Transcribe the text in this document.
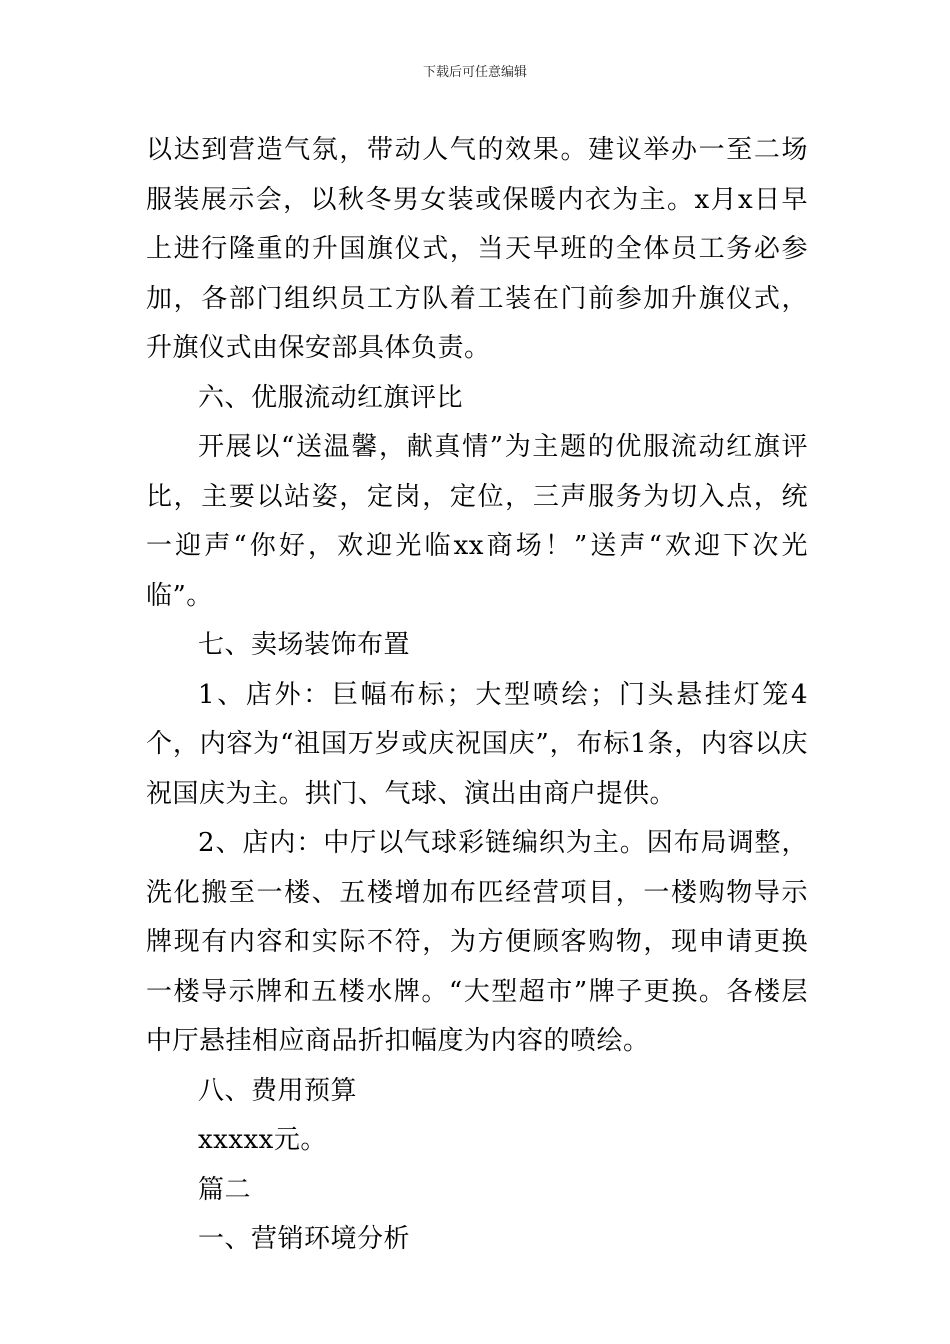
下载后可任意编辑

以达到营造气氛，带动人气的效果。建议举办一至二场服装展示会，以秋冬男女装或保暖内衣为主。x月x日早上进行隆重的升国旗仪式，当天早班的全体员工务必参加，各部门组织员工方队着工装在门前参加升旗仪式，升旗仪式由保安部具体负责。

六、优服流动红旗评比

开展以“送温馨，献真情”为主题的优服流动红旗评比，主要以站姿，定岗，定位，三声服务为切入点，统一迎声“你好，欢迎光临xx商场！”送声“欢迎下次光临”。

七、卖场装饰布置

1、店外：巨幅布标；大型喷绘；门头悬挂灯笼4个，内容为“祖国万岁或庆祝国庆”，布标1条，内容以庆祝国庆为主。拱门、气球、演出由商户提供。

2、店内：中厅以气球彩链编织为主。因布局调整，洗化搬至一楼、五楼增加布匹经营项目，一楼购物导示牌现有内容和实际不符，为方便顾客购物，现申请更换一楼导示牌和五楼水牌。“大型超市”牌子更换。各楼层中厅悬挂相应商品折扣幅度为内容的喷绘。

八、费用预算

xxxxx元。

篇二

一、营销环境分析
